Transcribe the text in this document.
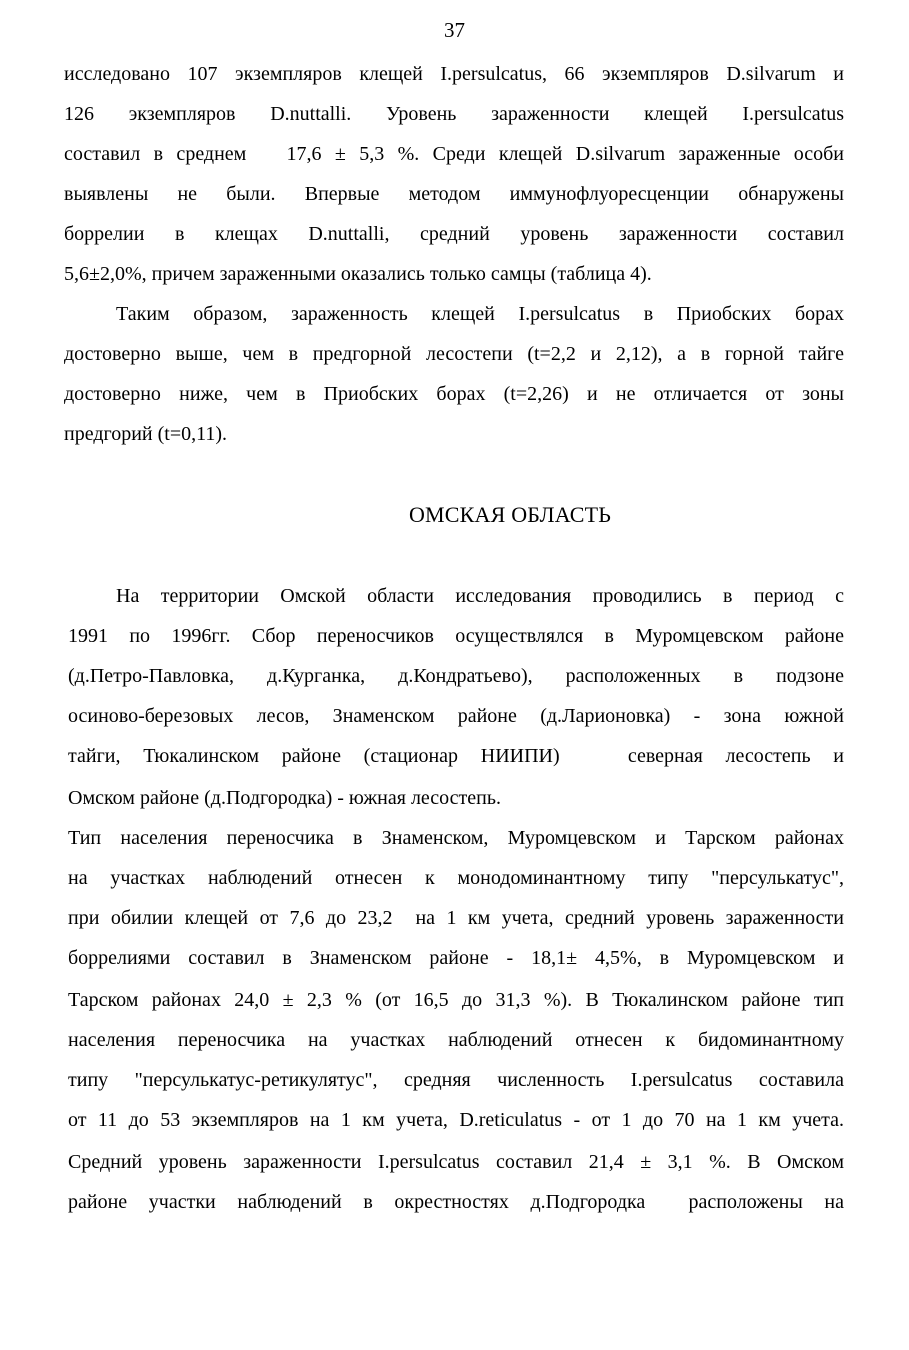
37
исследовано 107 экземпляров клещей I.persulcatus, 66 экземпляров D.silvarum и
126 экземпляров D.nuttalli. Уровень зараженности клещей I.persulcatus
составил в среднем   17,6 ± 5,3 %. Среди клещей D.silvarum зараженные особи
выявлены не были. Впервые методом иммунофлуоресценции обнаружены
боррелии в клещах D.nuttalli, средний уровень зараженности составил
5,6±2,0%, причем зараженными оказались только самцы (таблица 4).
Таким образом, зараженность клещей I.persulcatus в Приобских борах
достоверно выше, чем в предгорной лесостепи (t=2,2 и 2,12), а в горной тайге
достоверно ниже, чем в Приобских борах (t=2,26) и не отличается от зоны
предгорий (t=0,11).
ОМСКАЯ ОБЛАСТЬ
На территории Омской области исследования проводились в период с
1991 по 1996гг. Сбор переносчиков осуществлялся в Муромцевском районе
(д.Петро-Павловка, д.Курганка, д.Кондратьево), расположенных в подзоне
осиново-березовых лесов, Знаменском районе (д.Ларионовка) - зона южной
тайги, Тюкалинском районе (стационар НИИПИ)   северная лесостепь и
Омском районе (д.Подгородка) - южная лесостепь.
Тип населения переносчика в Знаменском, Муромцевском и Тарском районах
на участках наблюдений отнесен к монодоминантному типу "персулькатус",
при обилии клещей от 7,6 до 23,2  на 1 км учета, средний уровень зараженности
боррелиями составил в Знаменском районе - 18,1± 4,5%, в Муромцевском и
Тарском районах 24,0 ± 2,3 % (от 16,5 до 31,3 %). В Тюкалинском районе тип
населения переносчика на участках наблюдений отнесен к бидоминантному
типу "персулькатус-ретикулятус", средняя численность I.persulcatus составила
от 11 до 53 экземпляров на 1 км учета, D.reticulatus - от 1 до 70 на 1 км учета.
Средний уровень зараженности I.persulcatus составил 21,4 ± 3,1 %. В Омском
районе участки наблюдений в окрестностях д.Подгородка  расположены на
